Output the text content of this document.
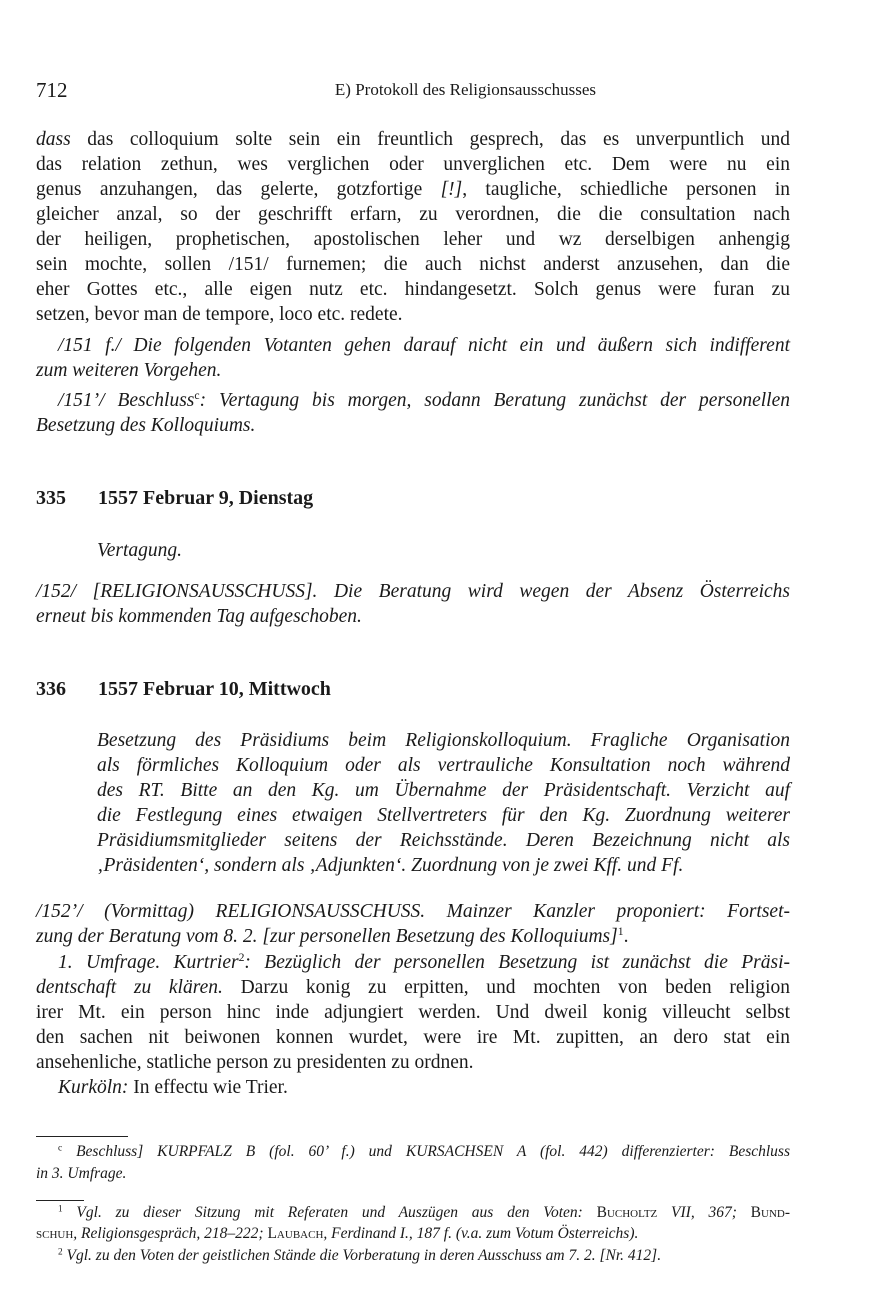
712	E) Protokoll des Religionsausschusses
335 1557 Februar 9, Dienstag
336 1557 Februar 10, Mittwoch
dass das colloquium solte sein ein freuntlich gesprech, das es unverpuntlich und
das relation zethun, wes verglichen oder unverglichen etc. Dem were nu ein
genus anzuhangen, das gelerte, gotzfortige [!], taugliche, schiedliche personen in
gleicher anzal, so der geschrifft erfarn, zu verordnen, die die consultation nach
der heiligen, prophetischen, apostolischen leher und wz derselbigen anhengig
sein mochte, sollen /151/ furnemen; die auch nichst anderst anzusehen, dan die
eher Gottes etc., alle eigen nutz etc. hindangesetzt. Solch genus were furan zu
setzen, bevor man de tempore, loco etc. redete.
/151 f./ Die folgenden Votanten gehen darauf nicht ein und äußern sich indifferent
zum weiteren Vorgehen.
/151’/ Beschluss$^c$: Vertagung bis morgen, sodann Beratung zunächst der personellen
Besetzung des Kolloquiums.
Vertagung.
/152/ [RELIGIONSAUSSCHUSS]. Die Beratung wird wegen der Absenz Österreichs
erneut bis kommenden Tag aufgeschoben.
Besetzung des Präsidiums beim Religionskolloquium. Fragliche Organisation
als förmliches Kolloquium oder als vertrauliche Konsultation noch während
des RT. Bitte an den Kg. um Übernahme der Präsidentschaft. Verzicht auf
die Festlegung eines etwaigen Stellvertreters für den Kg. Zuordnung weiterer
Präsidiumsmitglieder seitens der Reichsstände. Deren Bezeichnung nicht als
‚Präsidenten‘, sondern als ‚Adjunkten‘. Zuordnung von je zwei Kff. und Ff.
/152’/ (Vormittag) RELIGIONSAUSSCHUSS. Mainzer Kanzler proponiert: Fortset-
zung der Beratung vom 8. 2. [zur personellen Besetzung des Kolloquiums]$^1$.
1. Umfrage. Kurtrier$^2$: Bezüglich der personellen Besetzung ist zunächst die Präsi-
dentschaft zu klären. Darzu konig zu erpitten, und mochten von beden religion
irer Mt. ein person hinc inde adjungiert werden. Und dweil konig villeucht selbst
den sachen nit beiwonen konnen wurdet, were ire Mt. zupitten, an dero stat ein
ansehenliche, statliche person zu presidenten zu ordnen.
Kurköln: In effectu wie Trier.
$^c$ Beschluss] KURPFALZ B (fol. 60’ f.) und KURSACHSEN A (fol. 442) differenzierter: Beschluss
in 3. Umfrage.
$^1$ Vgl. zu dieser Sitzung mit Referaten und Auszügen aus den Voten: Bucholtz VII, 367; Bund-
schuh, Religionsgespräch, 218–222; Laubach, Ferdinand I., 187 f. (v.a. zum Votum Österreichs).
$^2$ Vgl. zu den Voten der geistlichen Stände die Vorberatung in deren Ausschuss am 7. 2. [Nr. 412].
